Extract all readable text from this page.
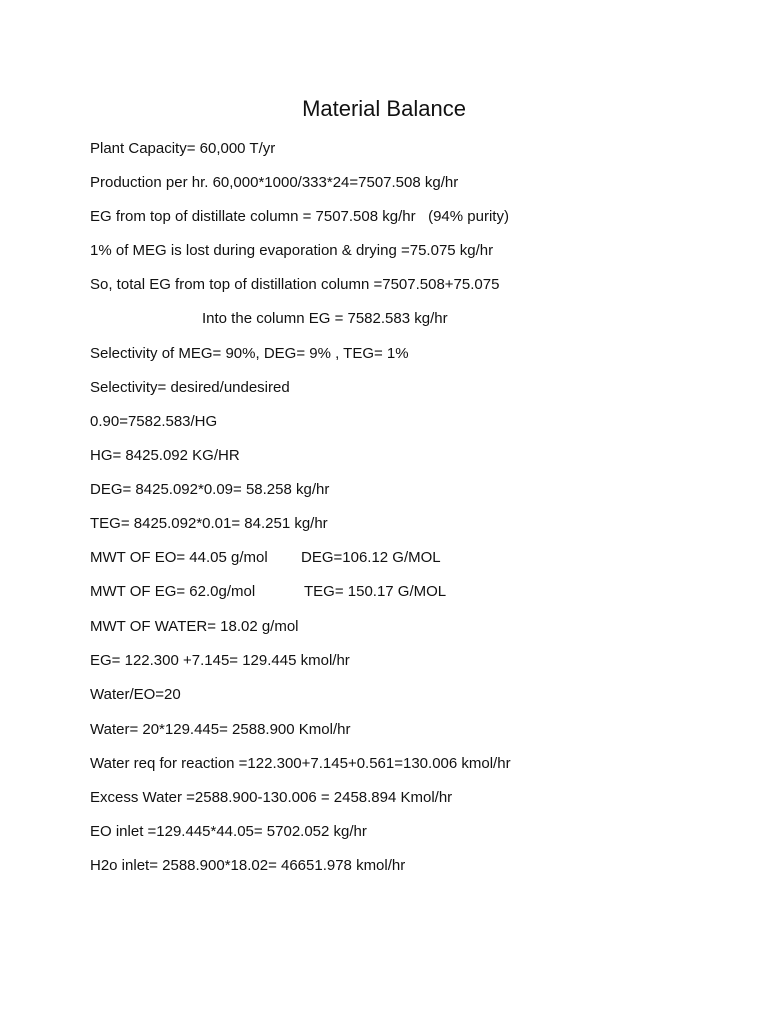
Material Balance
Plant Capacity= 60,000 T/yr
Production per hr. 60,000*1000/333*24=7507.508 kg/hr
EG from top of distillate column = 7507.508 kg/hr   (94% purity)
1% of MEG is lost during evaporation & drying =75.075 kg/hr
So, total EG from top of distillation column =7507.508+75.075
Into the column EG = 7582.583 kg/hr
Selectivity of MEG= 90%, DEG= 9% , TEG= 1%
Selectivity= desired/undesired
0.90=7582.583/HG
HG= 8425.092 KG/HR
DEG= 8425.092*0.09= 58.258 kg/hr
TEG= 8425.092*0.01= 84.251 kg/hr
MWT OF EO= 44.05 g/mol DEG=106.12 G/MOL
MWT OF EG= 62.0g/mol	TEG= 150.17 G/MOL
MWT OF WATER= 18.02 g/mol
EG= 122.300 +7.145= 129.445 kmol/hr
Water/EO=20
Water= 20*129.445= 2588.900 Kmol/hr
Water req for reaction =122.300+7.145+0.561=130.006 kmol/hr
Excess Water =2588.900-130.006 = 2458.894 Kmol/hr
EO inlet =129.445*44.05= 5702.052 kg/hr
H2o inlet= 2588.900*18.02= 46651.978 kmol/hr
